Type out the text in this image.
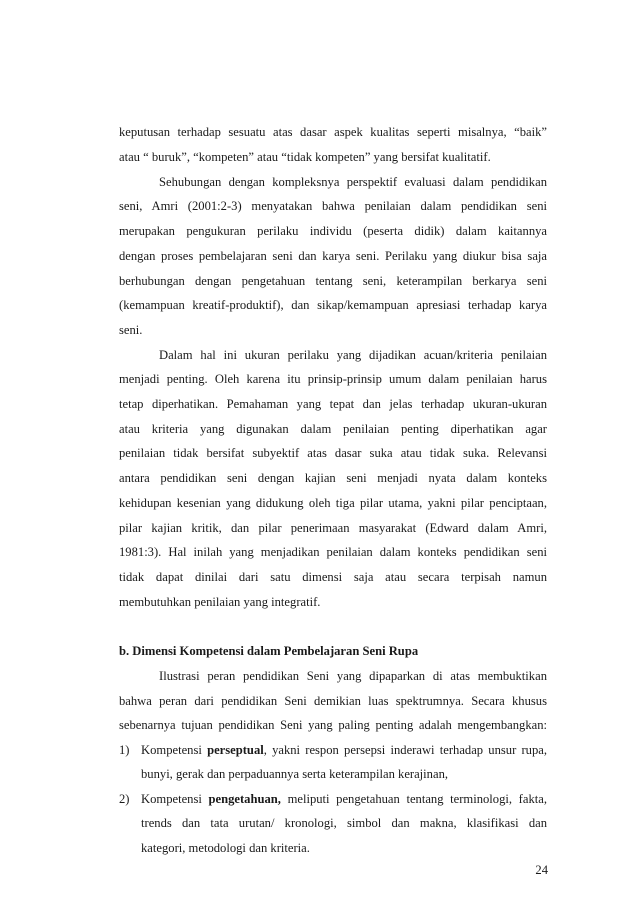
keputusan terhadap sesuatu atas dasar aspek kualitas seperti misalnya, “baik”
atau “ buruk”, “kompeten” atau “tidak kompeten” yang bersifat kualitatif.
Sehubungan dengan kompleksnya perspektif evaluasi dalam pendidikan
seni, Amri (2001:2-3) menyatakan bahwa penilaian dalam pendidikan seni
merupakan pengukuran perilaku individu (peserta didik) dalam kaitannya
dengan proses pembelajaran seni dan karya seni. Perilaku yang diukur bisa saja
berhubungan dengan pengetahuan tentang seni, keterampilan berkarya seni
(kemampuan kreatif-produktif), dan sikap/kemampuan apresiasi terhadap karya
seni.
Dalam hal ini ukuran perilaku yang dijadikan acuan/kriteria penilaian
menjadi penting. Oleh karena itu prinsip-prinsip umum dalam penilaian harus
tetap diperhatikan. Pemahaman yang tepat dan jelas terhadap ukuran-ukuran
atau kriteria yang digunakan dalam penilaian penting diperhatikan agar
penilaian tidak bersifat subyektif atas dasar suka atau tidak suka. Relevansi
antara pendidikan seni dengan kajian seni menjadi nyata dalam konteks
kehidupan kesenian yang didukung oleh tiga pilar utama, yakni pilar penciptaan,
pilar kajian kritik, dan pilar penerimaan masyarakat (Edward dalam Amri,
1981:3). Hal inilah yang menjadikan penilaian dalam konteks pendidikan seni
tidak dapat dinilai dari satu dimensi saja atau secara terpisah namun
membutuhkan penilaian yang integratif.
b. Dimensi Kompetensi dalam Pembelajaran Seni Rupa
Ilustrasi peran pendidikan Seni yang dipaparkan di atas membuktikan
bahwa peran dari pendidikan Seni demikian luas spektrumnya. Secara khusus
sebenarnya tujuan pendidikan Seni yang paling penting adalah mengembangkan:
1) Kompetensi perseptual, yakni respon persepsi inderawi terhadap unsur rupa,
bunyi, gerak dan perpaduannya serta keterampilan kerajinan,
2) Kompetensi pengetahuan, meliputi pengetahuan tentang terminologi, fakta,
trends dan tata urutan/ kronologi, simbol dan makna, klasifikasi dan
kategori, metodologi dan kriteria.
24
